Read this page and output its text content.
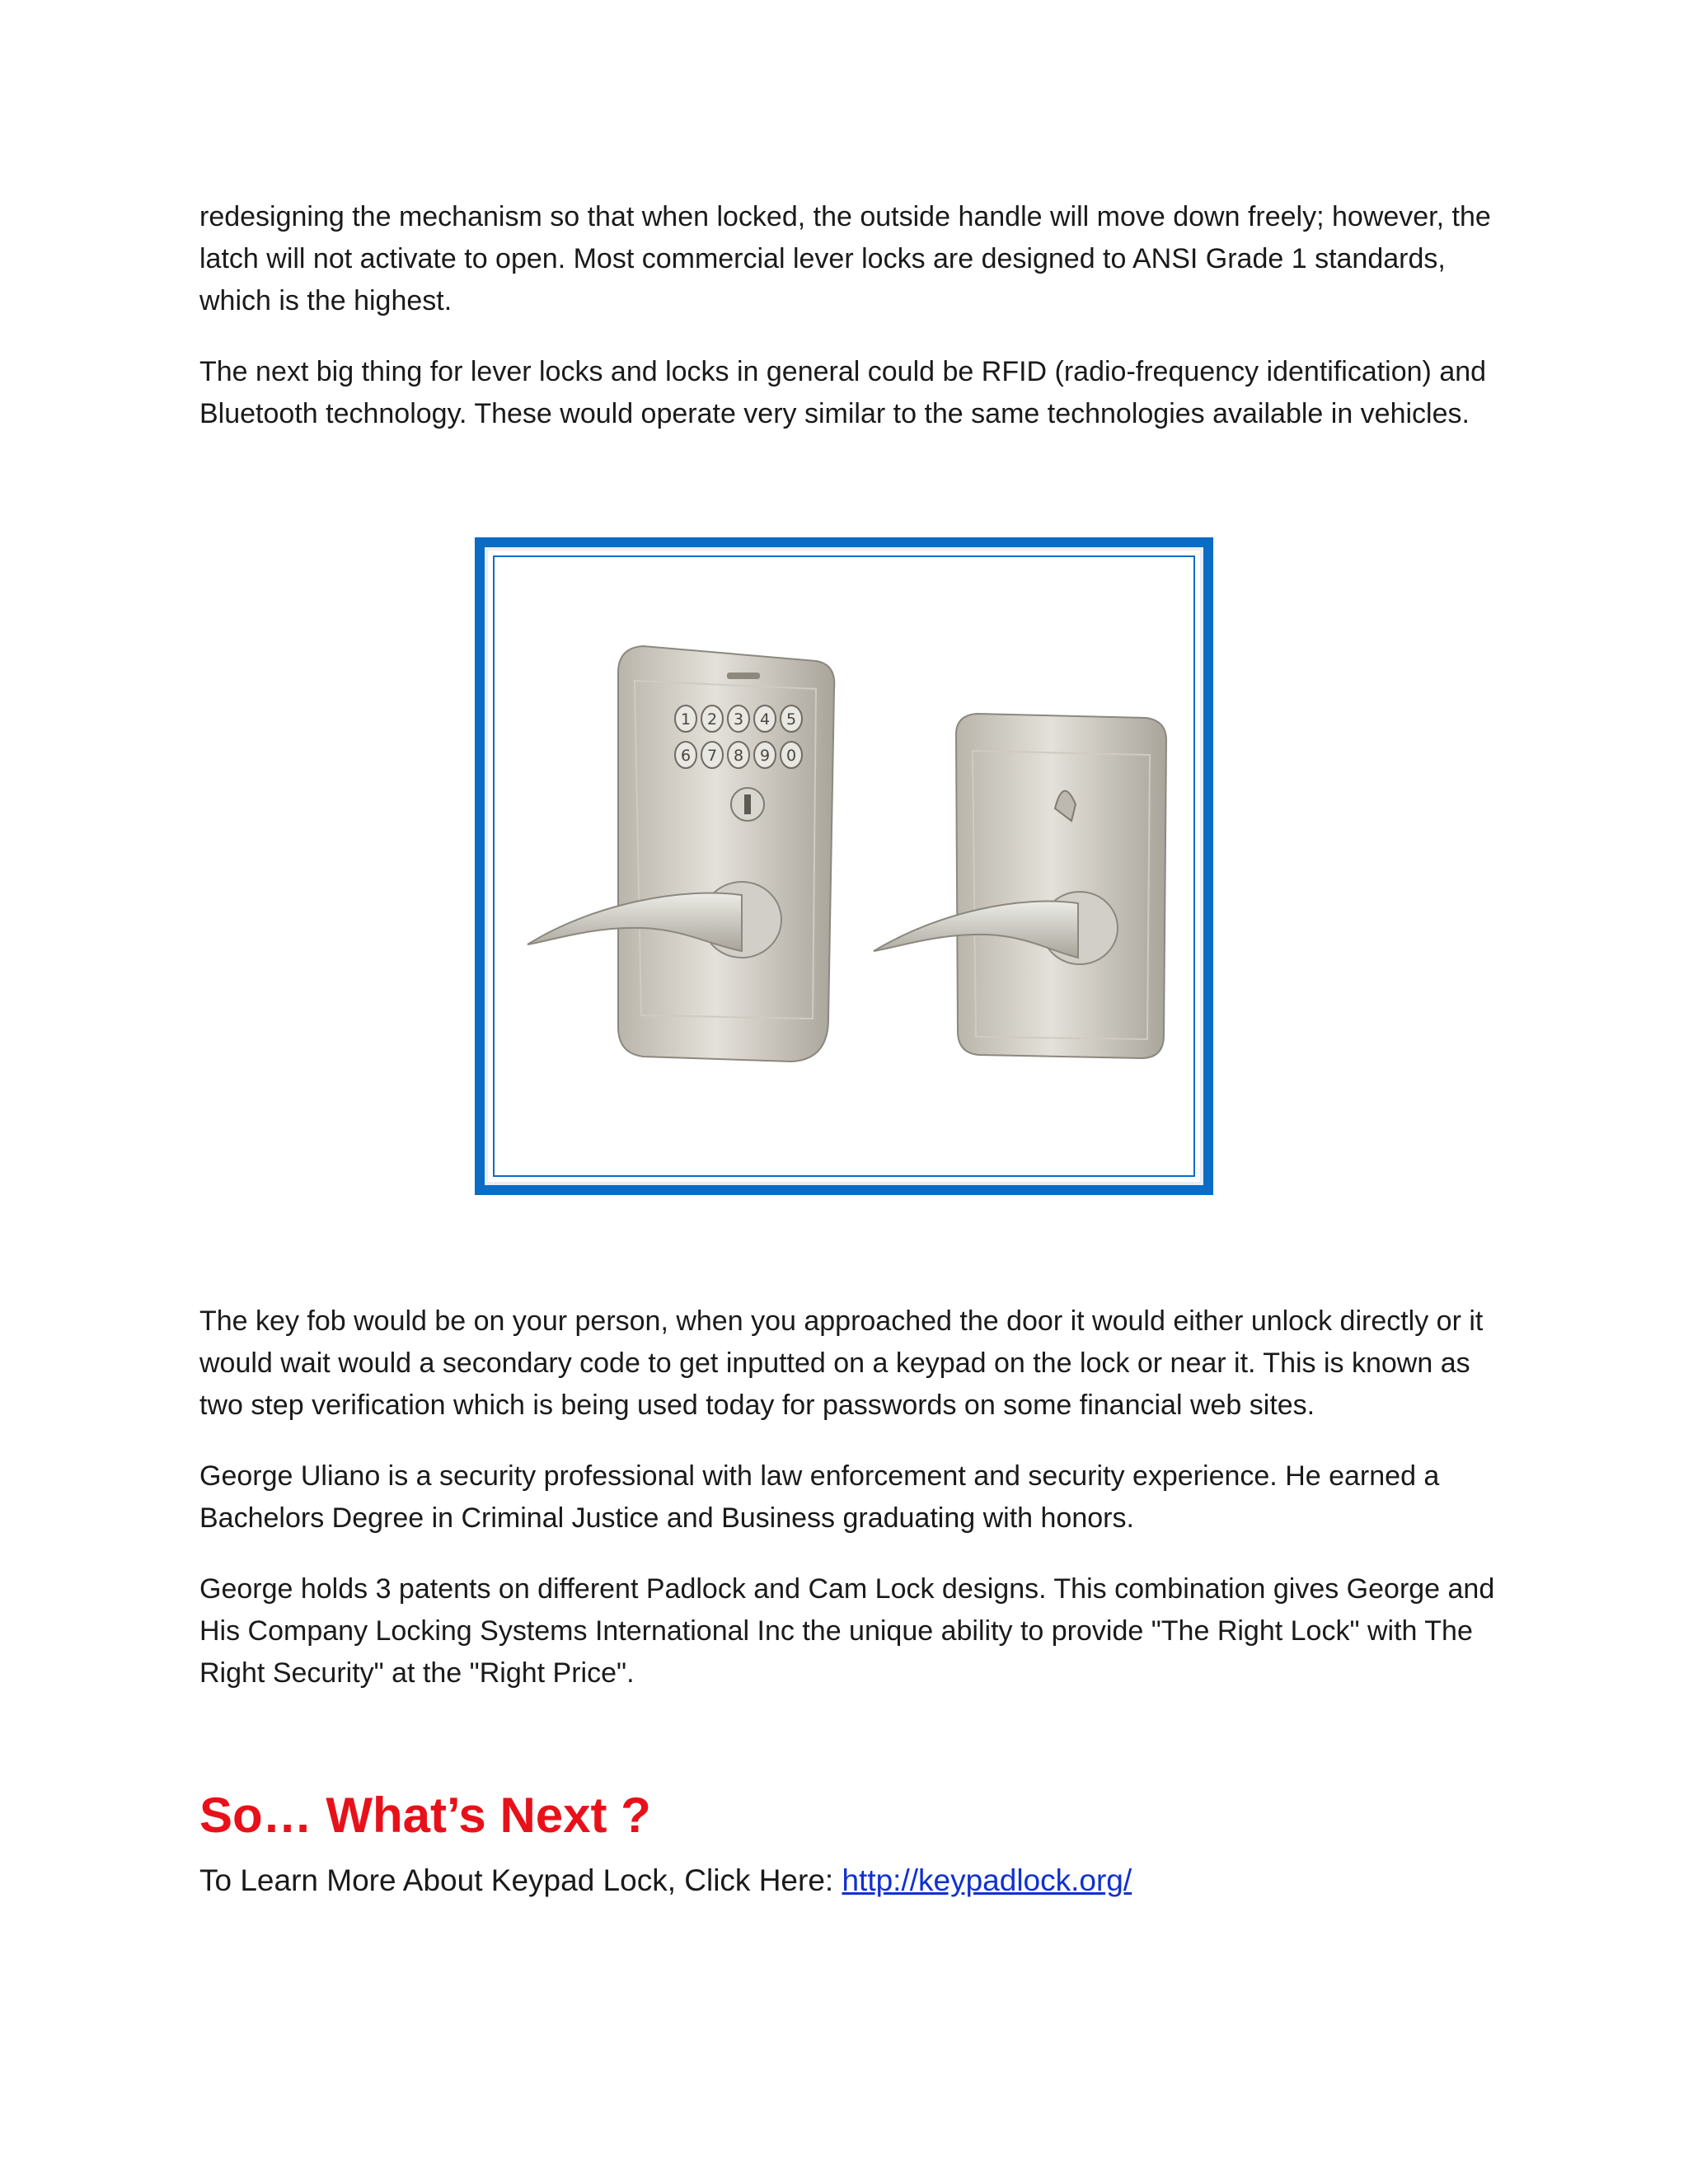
redesigning the mechanism so that when locked, the outside handle will move down freely; however, the latch will not activate to open. Most commercial lever locks are designed to ANSI Grade 1 standards, which is the highest.

The next big thing for lever locks and locks in general could be RFID (radio-frequency identification) and Bluetooth technology. These would operate very similar to the same technologies available in vehicles.

1 2 3 4 5
6 7 8 9 0

The key fob would be on your person, when you approached the door it would either unlock directly or it would wait would a secondary code to get inputted on a keypad on the lock or near it. This is known as two step verification which is being used today for passwords on some financial web sites.

George Uliano is a security professional with law enforcement and security experience. He earned a Bachelors Degree in Criminal Justice and Business graduating with honors.

George holds 3 patents on different Padlock and Cam Lock designs. This combination gives George and His Company Locking Systems International Inc the unique ability to provide "The Right Lock" with The Right Security" at the "Right Price".

So… What’s Next ?
To Learn More About Keypad Lock, Click Here: http://keypadlock.org/
